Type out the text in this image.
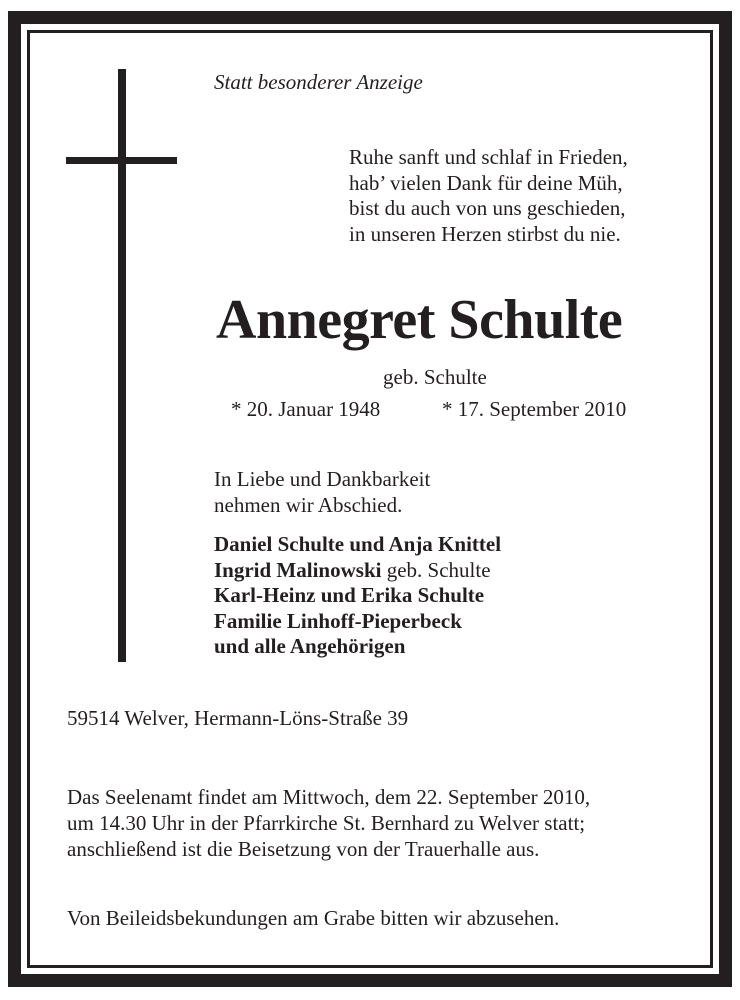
Statt besonderer Anzeige

Ruhe sanft und schlaf in Frieden,
hab’ vielen Dank für deine Müh,
bist du auch von uns geschieden,
in unseren Herzen stirbst du nie.
Annegret Schulte

geb. Schulte

* 20. Januar 1948	* 17. September 2010

In Liebe und Dankbarkeit
nehmen wir Abschied.
Daniel Schulte und Anja Knittel
Ingrid Malinowski geb. Schulte
Karl-Heinz und Erika Schulte
Familie Linhoff-Pieperbeck
und alle Angehörigen

59514 Welver, Hermann-Löns-Straße 39

Das Seelenamt findet am Mittwoch, dem 22. September 2010,
um 14.30 Uhr in der Pfarrkirche St. Bernhard zu Welver statt;
anschließend ist die Beisetzung von der Trauerhalle aus.

Von Beileidsbekundungen am Grabe bitten wir abzusehen.
